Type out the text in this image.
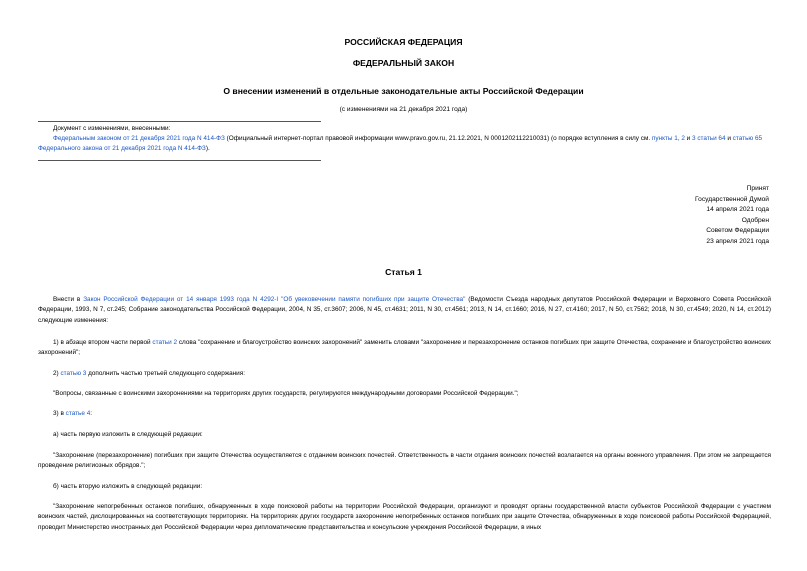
РОССИЙСКАЯ ФЕДЕРАЦИЯ
ФЕДЕРАЛЬНЫЙ ЗАКОН
О внесении изменений в отдельные законодательные акты Российской Федерации
(с изменениями на 21 декабря 2021 года)
Документ с изменениями, внесенными:
Федеральным законом от 21 декабря 2021 года N 414-ФЗ (Официальный интернет-портал правовой информации www.pravo.gov.ru, 21.12.2021, N 0001202112210031) (о порядке вступления в силу см. пункты 1, 2 и 3 статьи 64 и статью 65 Федерального закона от 21 декабря 2021 года N 414-ФЗ).
Принят
Государственной Думой
14 апреля 2021 года
Одобрен
Советом Федерации
23 апреля 2021 года
Статья 1
Внести в Закон Российской Федерации от 14 января 1993 года N 4292-I "Об увековечении памяти погибших при защите Отечества" (Ведомости Съезда народных депутатов Российской Федерации и Верховного Совета Российской Федерации, 1993, N 7, ст.245; Собрание законодательства Российской Федерации, 2004, N 35, ст.3607; 2006, N 45, ст.4631; 2011, N 30, ст.4561; 2013, N 14, ст.1660; 2016, N 27, ст.4160; 2017, N 50, ст.7562; 2018, N 30, ст.4549; 2020, N 14, ст.2012) следующие изменения:
1) в абзаце втором части первой статьи 2 слова "сохранение и благоустройство воинских захоронений" заменить словами "захоронение и перезахоронение останков погибших при защите Отечества, сохранение и благоустройство воинских захоронений";
2) статью 3 дополнить частью третьей следующего содержания:
"Вопросы, связанные с воинскими захоронениями на территориях других государств, регулируются международными договорами Российской Федерации.";
3) в статье 4:
а) часть первую изложить в следующей редакции:
"Захоронение (перезахоронение) погибших при защите Отечества осуществляется с отданием воинских почестей. Ответственность в части отдания воинских почестей возлагается на органы военного управления. При этом не запрещается проведение религиозных обрядов.";
б) часть вторую изложить в следующей редакции:
"Захоронение непогребенных останков погибших, обнаруженных в ходе поисковой работы на территории Российской Федерации, организуют и проводят органы государственной власти субъектов Российской Федерации с участием воинских частей, дислоцированных на соответствующих территориях. На территориях других государств захоронение непогребенных останков погибших при защите Отечества, обнаруженных в ходе поисковой работы Российской Федерацией, проводит Министерство иностранных дел Российской Федерации через дипломатические представительства и консульские учреждения Российской Федерации, в иных
